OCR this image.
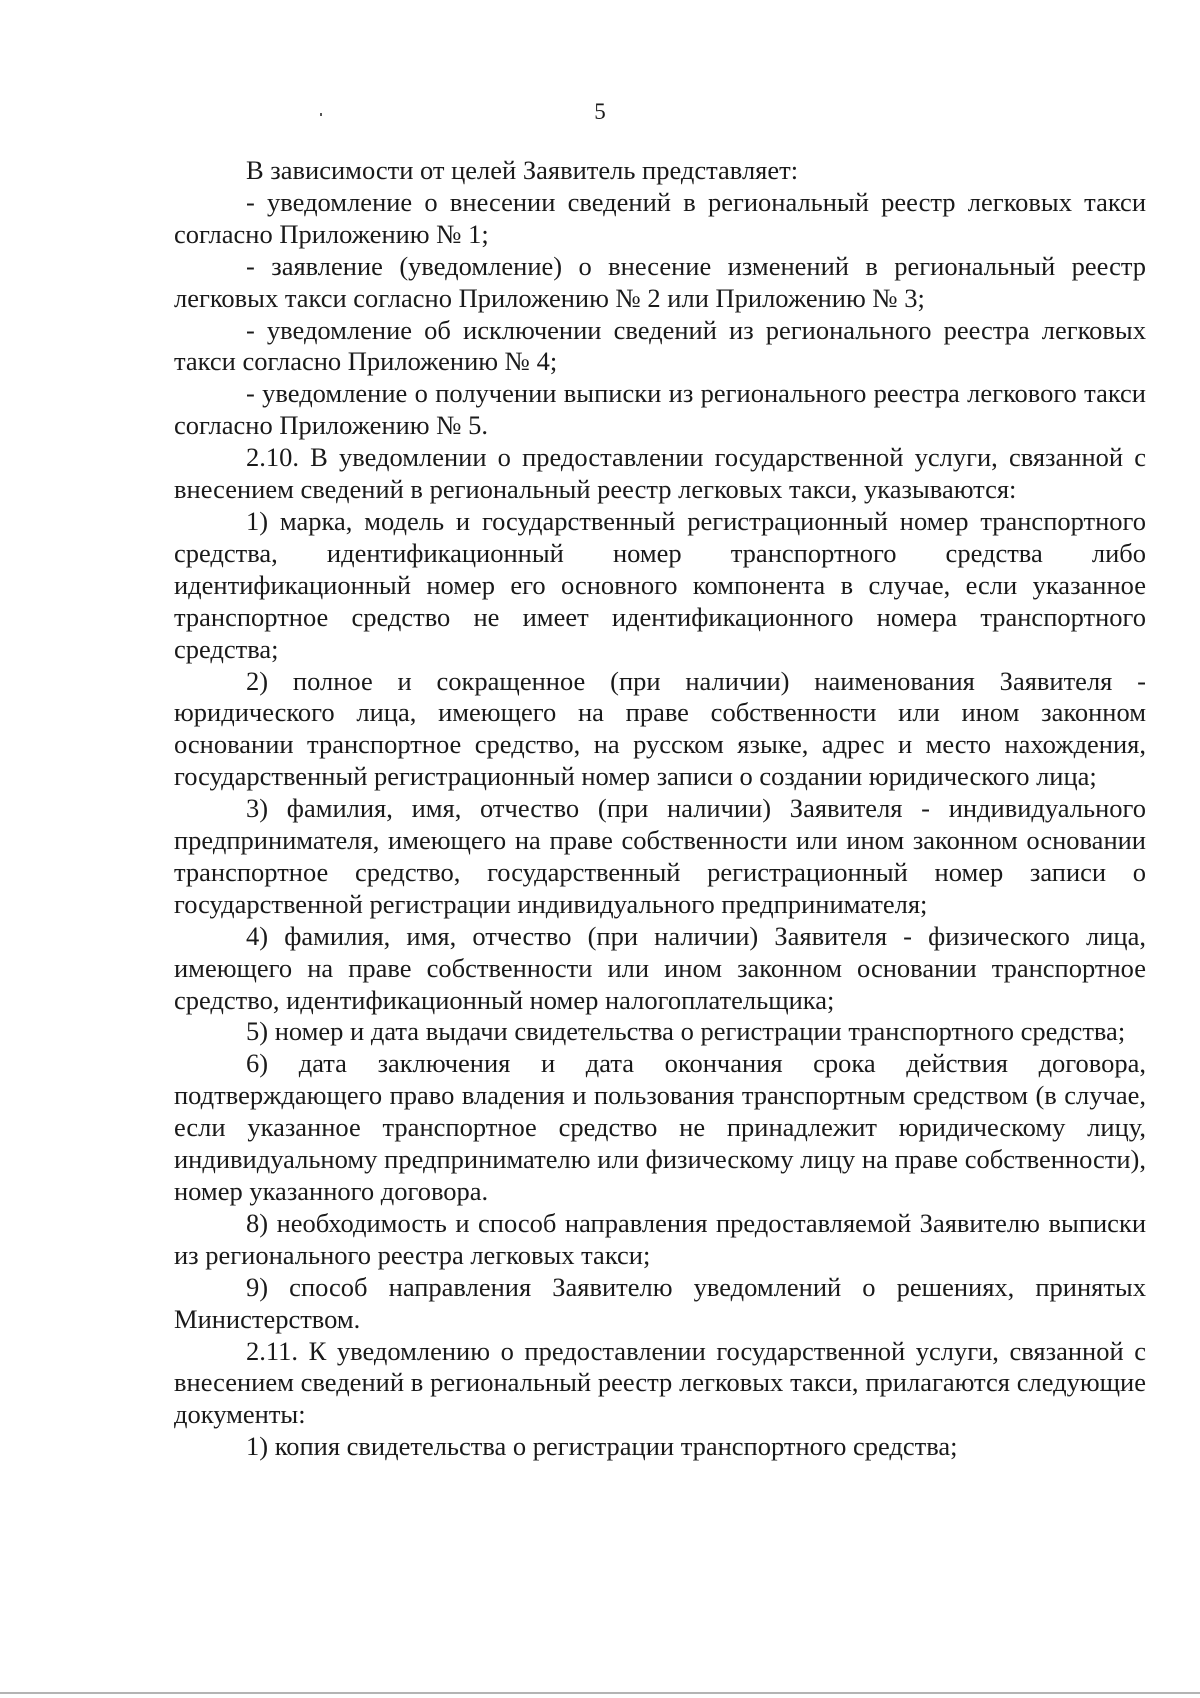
5

В зависимости от целей Заявитель представляет:

- уведомление о внесении сведений в региональный реестр легковых такси согласно Приложению № 1;

- заявление (уведомление) о внесение изменений в региональный реестр легковых такси согласно Приложению № 2 или Приложению № 3;

- уведомление об исключении сведений из регионального реестра легковых такси согласно Приложению № 4;

- уведомление о получении выписки из регионального реестра легкового такси согласно Приложению № 5.

2.10. В уведомлении о предоставлении государственной услуги, связанной с внесением сведений в региональный реестр легковых такси, указываются:

1) марка, модель и государственный регистрационный номер транспортного средства, идентификационный номер транспортного средства либо идентификационный номер его основного компонента в случае, если указанное транспортное средство не имеет идентификационного номера транспортного средства;

2) полное и сокращенное (при наличии) наименования Заявителя - юридического лица, имеющего на праве собственности или ином законном основании транспортное средство, на русском языке, адрес и место нахождения, государственный регистрационный номер записи о создании юридического лица;

3) фамилия, имя, отчество (при наличии) Заявителя - индивидуального предпринимателя, имеющего на праве собственности или ином законном основании транспортное средство, государственный регистрационный номер записи о государственной регистрации индивидуального предпринимателя;

4) фамилия, имя, отчество (при наличии) Заявителя - физического лица, имеющего на праве собственности или ином законном основании транспортное средство, идентификационный номер налогоплательщика;

5) номер и дата выдачи свидетельства о регистрации транспортного средства;

6) дата заключения и дата окончания срока действия договора, подтверждающего право владения и пользования транспортным средством (в случае, если указанное транспортное средство не принадлежит юридическому лицу, индивидуальному предпринимателю или физическому лицу на праве собственности), номер указанного договора.

8) необходимость и способ направления предоставляемой Заявителю выписки из регионального реестра легковых такси;

9) способ направления Заявителю уведомлений о решениях, принятых Министерством.

2.11. К уведомлению о предоставлении государственной услуги, связанной с внесением сведений в региональный реестр легковых такси, прилагаются следующие документы:

1) копия свидетельства о регистрации транспортного средства;
